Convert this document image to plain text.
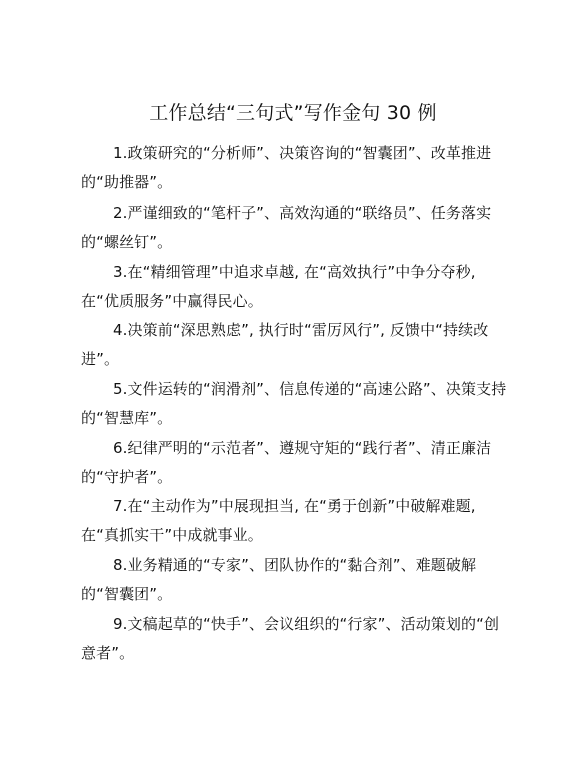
工作总结“三句式”写作金句 30 例

1.政策研究的“分析师”、决策咨询的“智囊团”、改革推进的“助推器”。

2.严谨细致的“笔杆子”、高效沟通的“联络员”、任务落实的“螺丝钉”。

3.在“精细管理”中追求卓越, 在“高效执行”中争分夺秒, 在“优质服务”中赢得民心。

4.决策前“深思熟虑”, 执行时“雷厉风行”, 反馈中“持续改进”。

5.文件运转的“润滑剂”、信息传递的“高速公路”、决策支持的“智慧库”。

6.纪律严明的“示范者”、遵规守矩的“践行者”、清正廉洁的“守护者”。

7.在“主动作为”中展现担当, 在“勇于创新”中破解难题, 在“真抓实干”中成就事业。

8.业务精通的“专家”、团队协作的“黏合剂”、难题破解的“智囊团”。

9.文稿起草的“快手”、会议组织的“行家”、活动策划的“创意者”。
